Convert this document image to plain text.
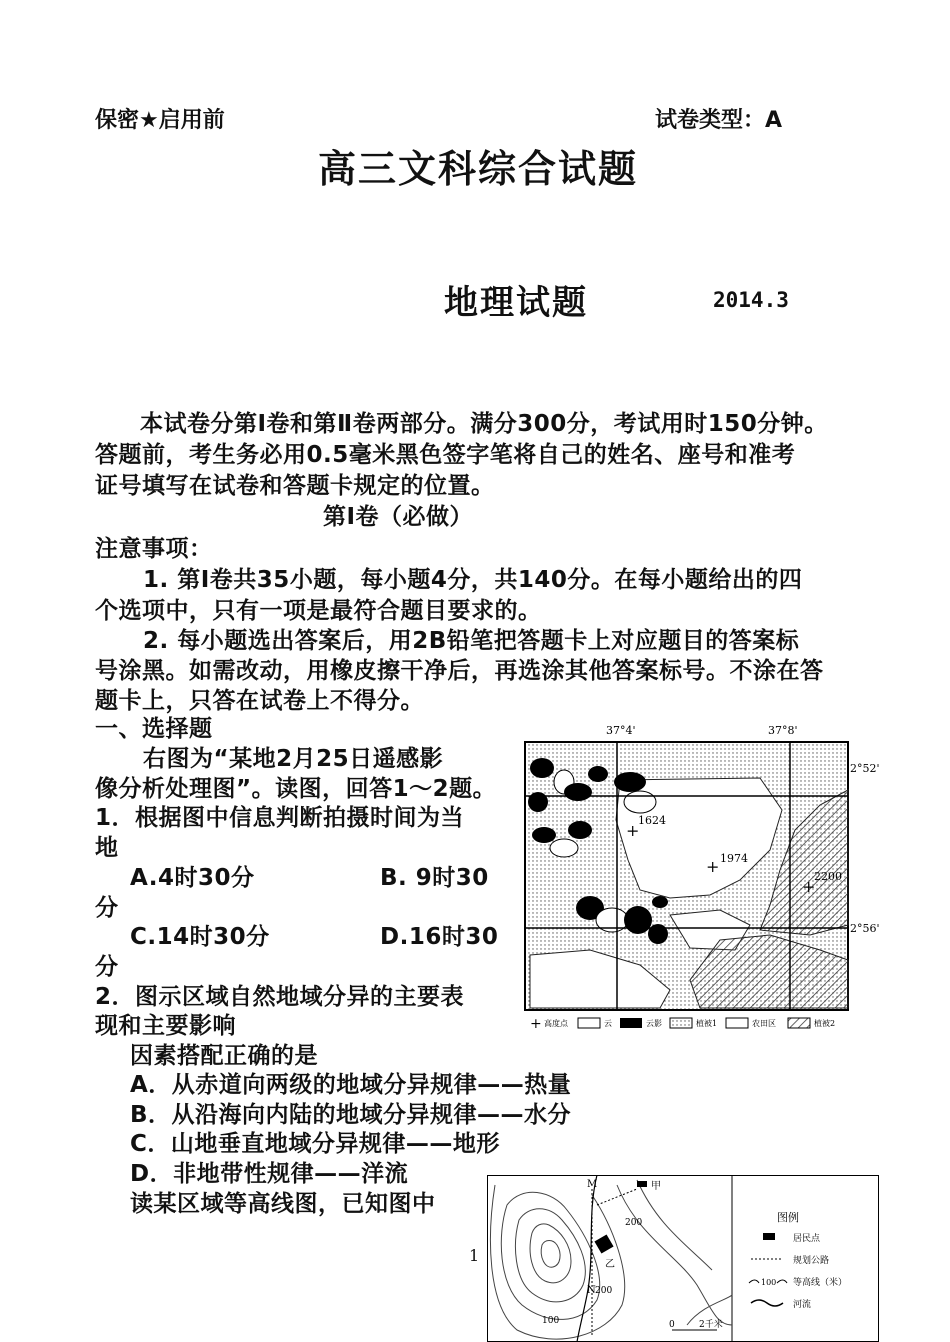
保密★启用前	试卷类型：A
高三文科综合试题
地理试题	2014.3
本试卷分第Ⅰ卷和第Ⅱ卷两部分。满分300分，考试用时150分钟。
答题前，考生务必用0.5毫米黑色签字笔将自己的姓名、座号和准考
证号填写在试卷和答题卡规定的位置。
第Ⅰ卷（必做）
注意事项：
1. 第Ⅰ卷共35小题，每小题4分，共140分。在每小题给出的四
个选项中，只有一项是最符合题目要求的。
2. 每小题选出答案后，用2B铅笔把答题卡上对应题目的答案标
号涂黑。如需改动，用橡皮擦干净后，再选涂其他答案标号。不涂在答
题卡上，只答在试卷上不得分。
一、选择题
右图为“某地2月25日遥感影
像分析处理图”。读图，回答1～2题。
1．根据图中信息判断拍摄时间为当
地
A.4时30分	B. 9时30
分
C.14时30分	D.16时30
分
2．图示区域自然地域分异的主要表
现和主要影响
因素搭配正确的是
A．从赤道向两级的地域分异规律——热量
B．从沿海向内陆的地域分异规律——水分
C．山地垂直地域分异规律——地形
D．非地带性规律——洋流
读某区域等高线图，已知图中
1
37°4'	37°8'
2°52'
2°56'
+
1624
+ 1974
+
2200
+ 高度点	云	云影	植被1	农田区	植被2
M
N
甲
乙
200
200
100	0	2千米
图例
居民点
规划公路
100 等高线（米）
河流
